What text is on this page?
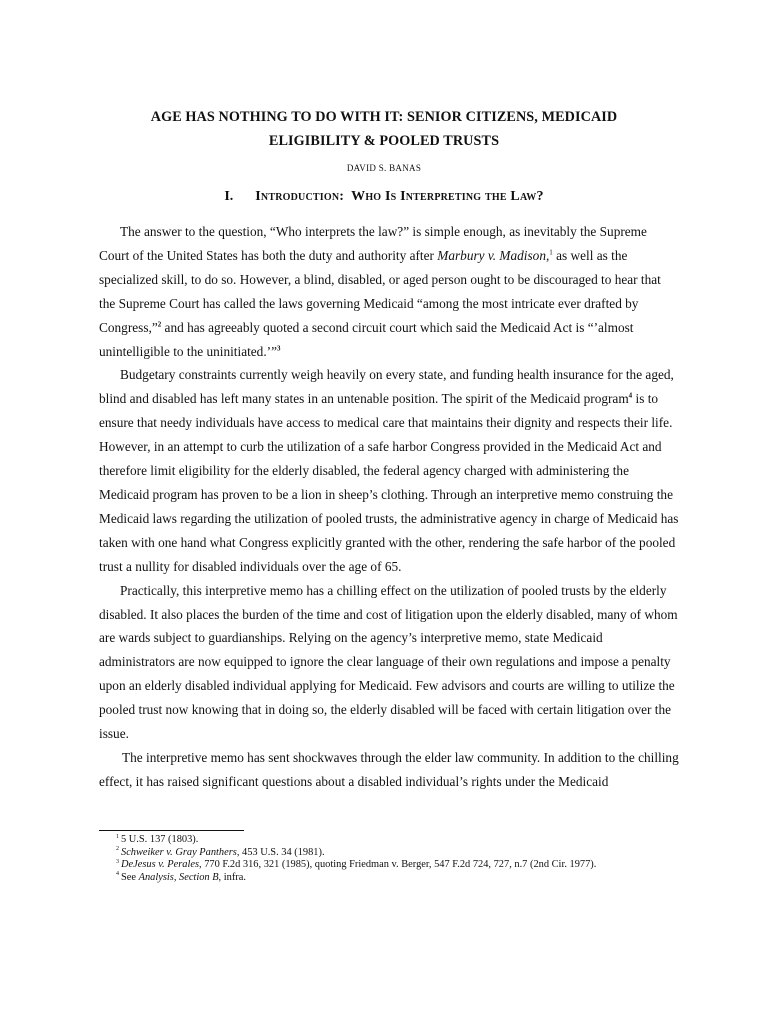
AGE HAS NOTHING TO DO WITH IT: SENIOR CITIZENS, MEDICAID
ELIGIBILITY & POOLED TRUSTS

DAVID S. BANAS

I. Introduction: Who Is Interpreting the Law?

The answer to the question, “Who interprets the law?” is simple enough, as inevitably the Supreme Court of the United States has both the duty and authority after Marbury v. Madison,$^1$ as well as the specialized skill, to do so. However, a blind, disabled, or aged person ought to be discouraged to hear that the Supreme Court has called the laws governing Medicaid “among the most intricate ever drafted by Congress,”$^2$ and has agreeably quoted a second circuit court which said the Medicaid Act is “’almost unintelligible to the uninitiated.’”$^3$

Budgetary constraints currently weigh heavily on every state, and funding health insurance for the aged, blind and disabled has left many states in an untenable position. The spirit of the Medicaid program$^4$ is to ensure that needy individuals have access to medical care that maintains their dignity and respects their life. However, in an attempt to curb the utilization of a safe harbor Congress provided in the Medicaid Act and therefore limit eligibility for the elderly disabled, the federal agency charged with administering the Medicaid program has proven to be a lion in sheep’s clothing. Through an interpretive memo construing the Medicaid laws regarding the utilization of pooled trusts, the administrative agency in charge of Medicaid has taken with one hand what Congress explicitly granted with the other, rendering the safe harbor of the pooled trust a nullity for disabled individuals over the age of 65.

Practically, this interpretive memo has a chilling effect on the utilization of pooled trusts by the elderly disabled. It also places the burden of the time and cost of litigation upon the elderly disabled, many of whom are wards subject to guardianships. Relying on the agency’s interpretive memo, state Medicaid administrators are now equipped to ignore the clear language of their own regulations and impose a penalty upon an elderly disabled individual applying for Medicaid. Few advisors and courts are willing to utilize the pooled trust now knowing that in doing so, the elderly disabled will be faced with certain litigation over the issue.

The interpretive memo has sent shockwaves through the elder law community. In addition to the chilling effect, it has raised significant questions about a disabled individual’s rights under the Medicaid

$^1$ 5 U.S. 137 (1803).

$^2$ Schweiker v. Gray Panthers, 453 U.S. 34 (1981).

$^3$ DeJesus v. Perales, 770 F.2d 316, 321 (1985), quoting Friedman v. Berger, 547 F.2d 724, 727, n.7 (2nd Cir. 1977).

$^4$ See Analysis, Section B, infra.
